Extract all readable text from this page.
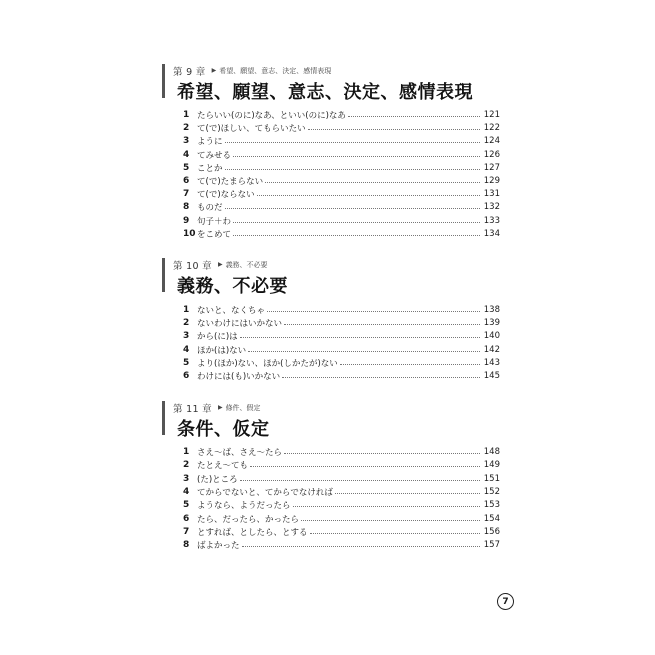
第 9 章 ▶ 希望、願望、意志、決定、感情表現
希望、願望、意志、決定、感情表現
1 たらいい(のに)なあ、といい(のに)なあ	121
2 て(で)ほしい、てもらいたい	122
3 ように	124
4 てみせる	126
5 ことか	127
6 て(で)たまらない	129
7 て(で)ならない	131
8 ものだ	132
9 句子＋わ	133
10 をこめて	134
第 10 章 ▶ 義務、不必要
義務、不必要
1 ないと、なくちゃ	138
2 ないわけにはいかない	139
3 から(に)は	140
4 ほか(は)ない	142
5 より(ほか)ない、ほか(しかたが)ない	143
6 わけには(も)いかない	145
第 11 章 ▶ 條件、假定
条件、仮定
1 さえ〜ば、さえ〜たら	148
2 たとえ〜ても	149
3 (た)ところ	151
4 てからでないと、てからでなければ	152
5 ようなら、ようだったら	153
6 たら、だったら、かったら	154
7 とすれば、としたら、とする	156
8 ばよかった	157
7
